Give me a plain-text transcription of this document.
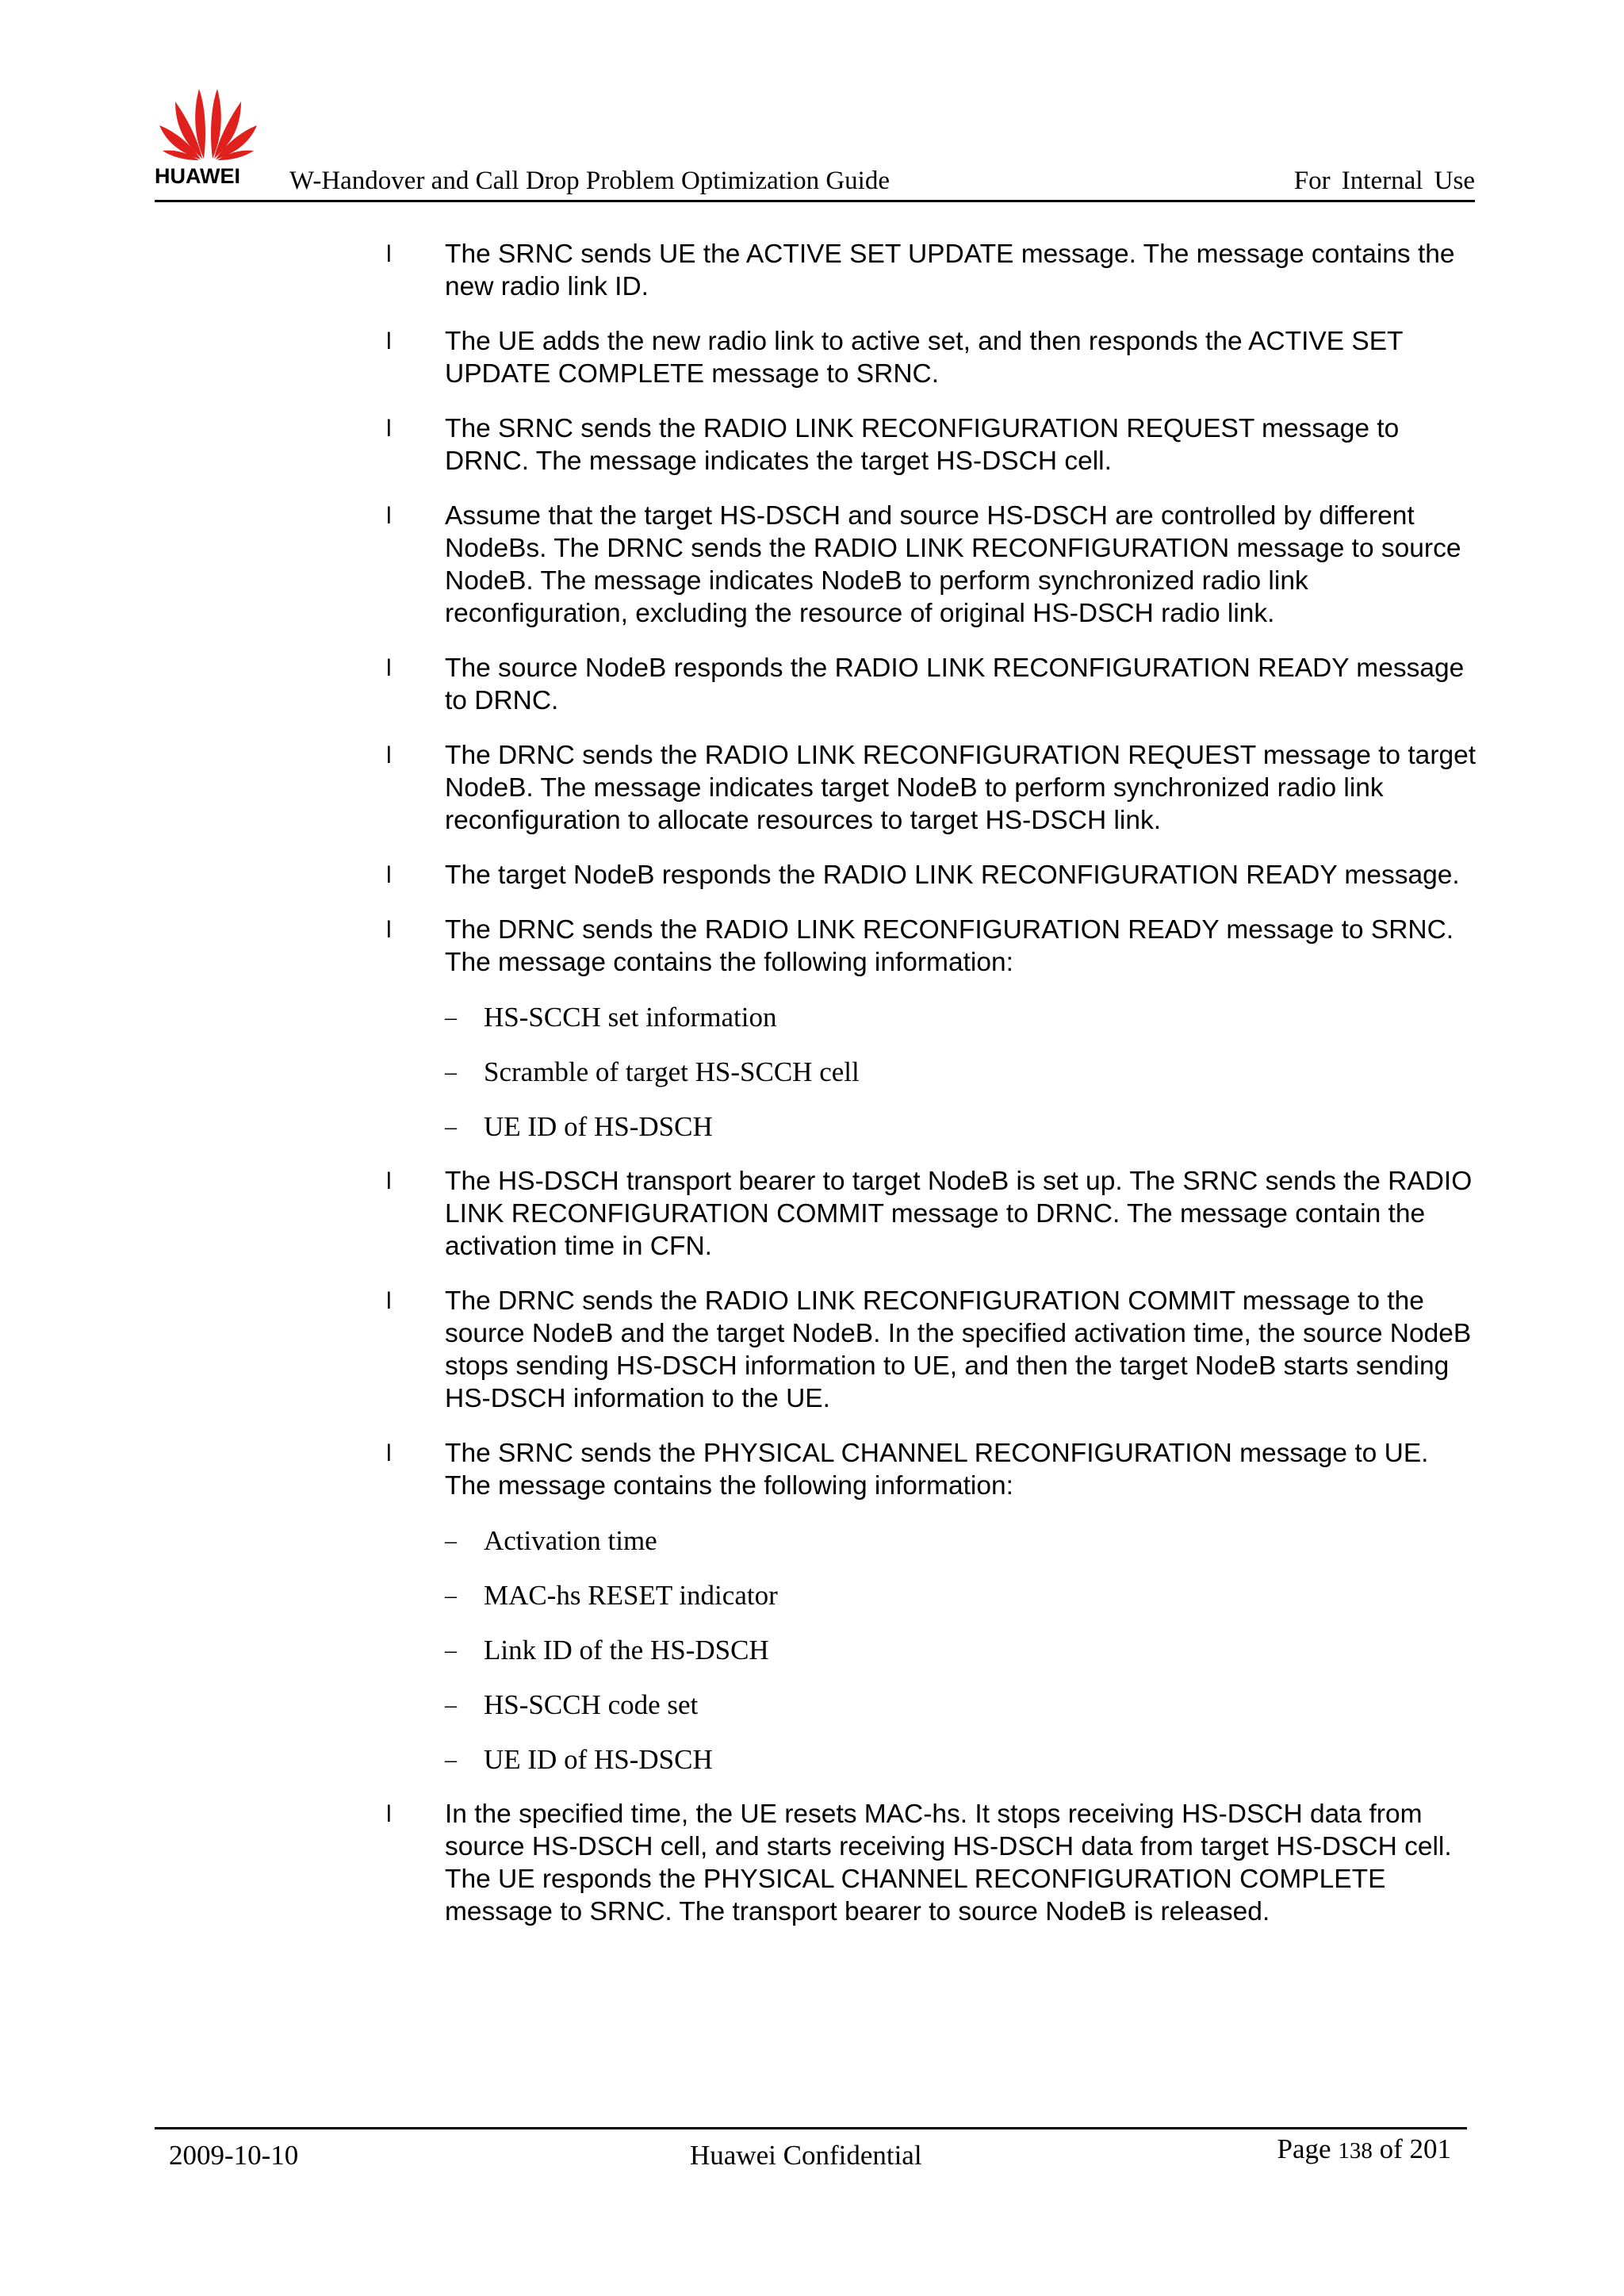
HUAWEI W-Handover and Call Drop Problem Optimization Guide	For Internal Use
l	The SRNC sends UE the ACTIVE SET UPDATE message. The message contains the new radio link ID.
l	The UE adds the new radio link to active set, and then responds the ACTIVE SET UPDATE COMPLETE message to SRNC.
l	The SRNC sends the RADIO LINK RECONFIGURATION REQUEST message to DRNC. The message indicates the target HS-DSCH cell.
l	Assume that the target HS-DSCH and source HS-DSCH are controlled by different NodeBs. The DRNC sends the RADIO LINK RECONFIGURATION message to source NodeB. The message indicates NodeB to perform synchronized radio link reconfiguration, excluding the resource of original HS-DSCH radio link.
l	The source NodeB responds the RADIO LINK RECONFIGURATION READY message to DRNC.
l	The DRNC sends the RADIO LINK RECONFIGURATION REQUEST message to target NodeB. The message indicates target NodeB to perform synchronized radio link reconfiguration to allocate resources to target HS-DSCH link.
l	The target NodeB responds the RADIO LINK RECONFIGURATION READY message.
l	The DRNC sends the RADIO LINK RECONFIGURATION READY message to SRNC. The message contains the following information:
– HS-SCCH set information
– Scramble of target HS-SCCH cell
– UE ID of HS-DSCH
l	The HS-DSCH transport bearer to target NodeB is set up. The SRNC sends the RADIO LINK RECONFIGURATION COMMIT message to DRNC. The message contain the activation time in CFN.
l	The DRNC sends the RADIO LINK RECONFIGURATION COMMIT message to the source NodeB and the target NodeB. In the specified activation time, the source NodeB stops sending HS-DSCH information to UE, and then the target NodeB starts sending HS-DSCH information to the UE.
l	The SRNC sends the PHYSICAL CHANNEL RECONFIGURATION message to UE. The message contains the following information:
– Activation time
– MAC-hs RESET indicator
– Link ID of the HS-DSCH
– HS-SCCH code set
– UE ID of HS-DSCH
l	In the specified time, the UE resets MAC-hs. It stops receiving HS-DSCH data from source HS-DSCH cell, and starts receiving HS-DSCH data from target HS-DSCH cell. The UE responds the PHYSICAL CHANNEL RECONFIGURATION COMPLETE message to SRNC. The transport bearer to source NodeB is released.
2009-10-10	Huawei Confidential	Page 138 of 201
